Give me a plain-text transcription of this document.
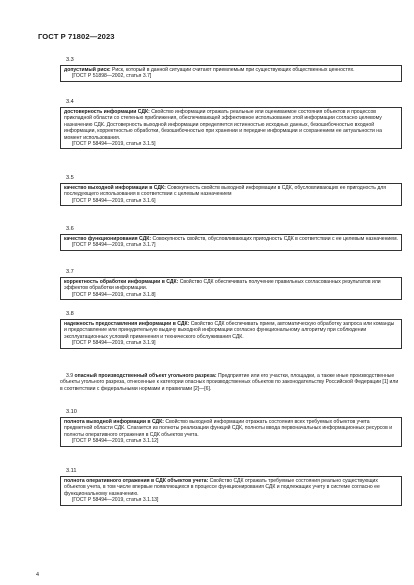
ГОСТ Р 71802—2023
3.3
допустимый риск: Риск, который в данной ситуации считают приемлемым при существующих общественных ценностях.
[ГОСТ Р 51898—2002, статья 3.7]
3.4
достоверность информации СДК: Свойство информации отражать реальные или оцениваемое состояния объектов и процессов прикладной области со степенью приближения, обеспечивающей эффективное использование этой информации согласно целевому назначению СДК. Достоверность выходной информации определяется истинностью исходных данных, безошибочностью входной информации, корректностью обработки, безошибочностью при хранении и передаче информации и сохранением ее актуальности на момент использования.
[ГОСТ Р 58494—2019, статья 3.1.5]
3.5
качество выходной информации в СДК: Совокупность свойств выходной информации в СДК, обусловливающих ее пригодность для последующего использования в соответствии с целевым назначением
[ГОСТ Р 58494—2019, статья 3.1.6]
3.6
качество функционирования СДК: Совокупность свойств, обусловливающих пригодность СДК в соответствии с ее целевым назначением.
[ГОСТ Р 58494—2019, статья 3.1.7]
3.7
корректность обработки информации в СДК: Свойство СДК обеспечивать получение правильных согласованных результатов или эффектов обработки информации.
[ГОСТ Р 58494—2019, статья 3.1.8]
3.8
надежность предоставления информации в СДК: Свойство СДК обеспечивать прием, автоматическую обработку запроса или команды и предоставление или принудительную выдачу выходной информации согласно функциональному алгоритму при соблюдении эксплуатационных условий применения и технического обслуживания СДК.
[ГОСТ Р 58494—2019, статья 3.1.9]
3.9 опасный производственный объект угольного разреза: Предприятие или его участки, площадки, а также иные производственные объекты угольного разреза, отнесенные к категории опасных производственных объектов по законодательству Российской Федерации [1] или в соответствии с федеральными нормами и правилами [2]—[6].
3.10
полнота выходной информации в СДК: Свойство выходной информации отражать состояния всех требуемых объектов учета предметной области СДК. Слагается из полноты реализации функций СДК, полноты ввода первоначальных информационных ресурсов и полноты оперативного отражения в СДК объектов учета.
[ГОСТ Р 58494—2019, статья 3.1.12]
3.11
полнота оперативного отражения в СДК объектов учета: Свойство СДК отражать требуемые состояния реально существующих объектов учета, в том числе впервые появляющихся в процессе функционирования СДК и подлежащих учету в системе согласно ее функциональному назначению.
[ГОСТ Р 58494—2019, статья 3.1.13]
4
